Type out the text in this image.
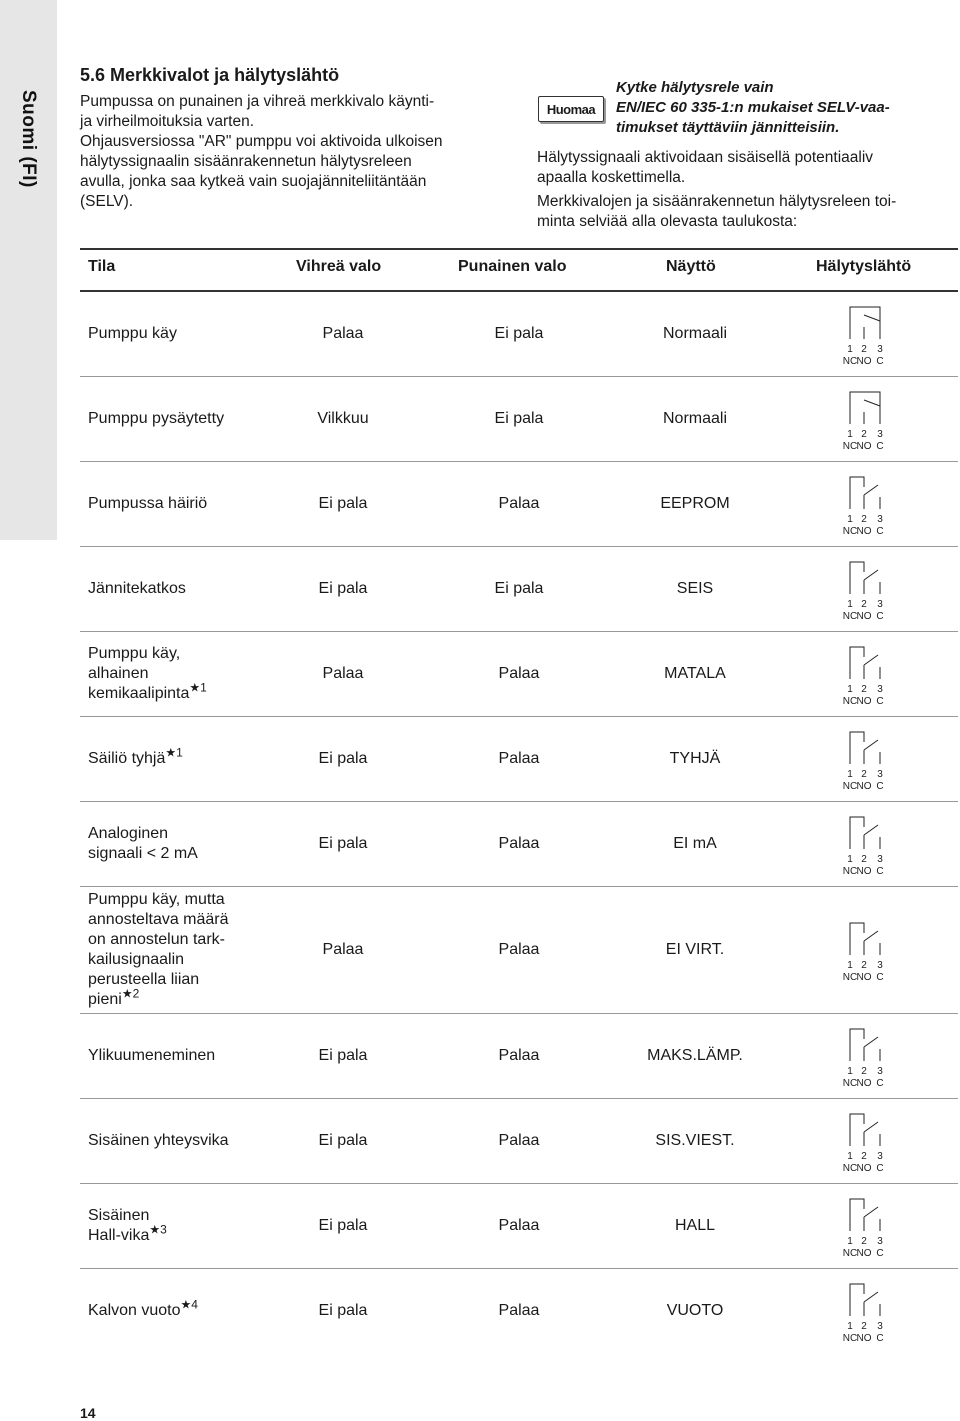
Suomi (FI)
5.6 Merkkivalot ja hälytyslähtö

Pumpussa on punainen ja vihreä merkkivalo käynti-
ja virheilmoituksia varten.

Ohjausversiossa "AR" pumppu voi aktivoida ulkoisen
hälytyssignaalin sisäänrakennetun hälytysreleen
avulla, jonka saa kytkeä vain suojajänniteliitäntään
(SELV).

Huomaa
Kytke hälytysrele vain
EN/IEC 60 335-1:n mukaiset SELV-vaa-
timukset täyttäviin jännitteisiin.

Hälytyssignaali aktivoidaan sisäisellä potentiaaliv
apaalla koskettimella.

Merkkivalojen ja sisäänrakennetun hälytysreleen toi-
minta selviää alla olevasta taulukosta:

Tila	Vihreä valo	Punainen valo	Näyttö	Hälytyslähtö
Pumppu käy	Palaa	Ei pala	Normaali
1 2 3
NC NO C
Pumppu pysäytetty	Vilkkuu	Ei pala	Normaali
1 2 3
NC NO C
Pumpussa häiriö	Ei pala	Palaa	EEPROM
1 2 3
NC NO C
Jännitekatkos	Ei pala	Ei pala	SEIS
1 2 3
NC NO C
Pumppu käy,
alhainen
kemikaalipinta$^{★1}$
Palaa	Palaa	MATALA
1 2 3
NC NO C
Säiliö tyhjä$^{★1}$	Ei pala	Palaa	TYHJÄ
1 2 3
NC NO C
Analoginen
signaali < 2 mA
Ei pala	Palaa	EI mA
1 2 3
NC NO C
Pumppu käy, mutta
annosteltava määrä
on annostelun tark-
kailusignaalin
perusteella liian
pieni$^{★2}$
Palaa	Palaa	EI VIRT.
1 2 3
NC NO C
Ylikuumeneminen	Ei pala	Palaa	MAKS.LÄMP.
1 2 3
NC NO C
Sisäinen yhteysvika	Ei pala	Palaa	SIS.VIEST.
1 2 3
NC NO C
Sisäinen
Hall-vika$^{★3}$	Ei pala	Palaa	HALL
1 2 3
NC NO C
Kalvon vuoto$^{★4}$	Ei pala	Palaa	VUOTO
1 2 3
NC NO C
14
